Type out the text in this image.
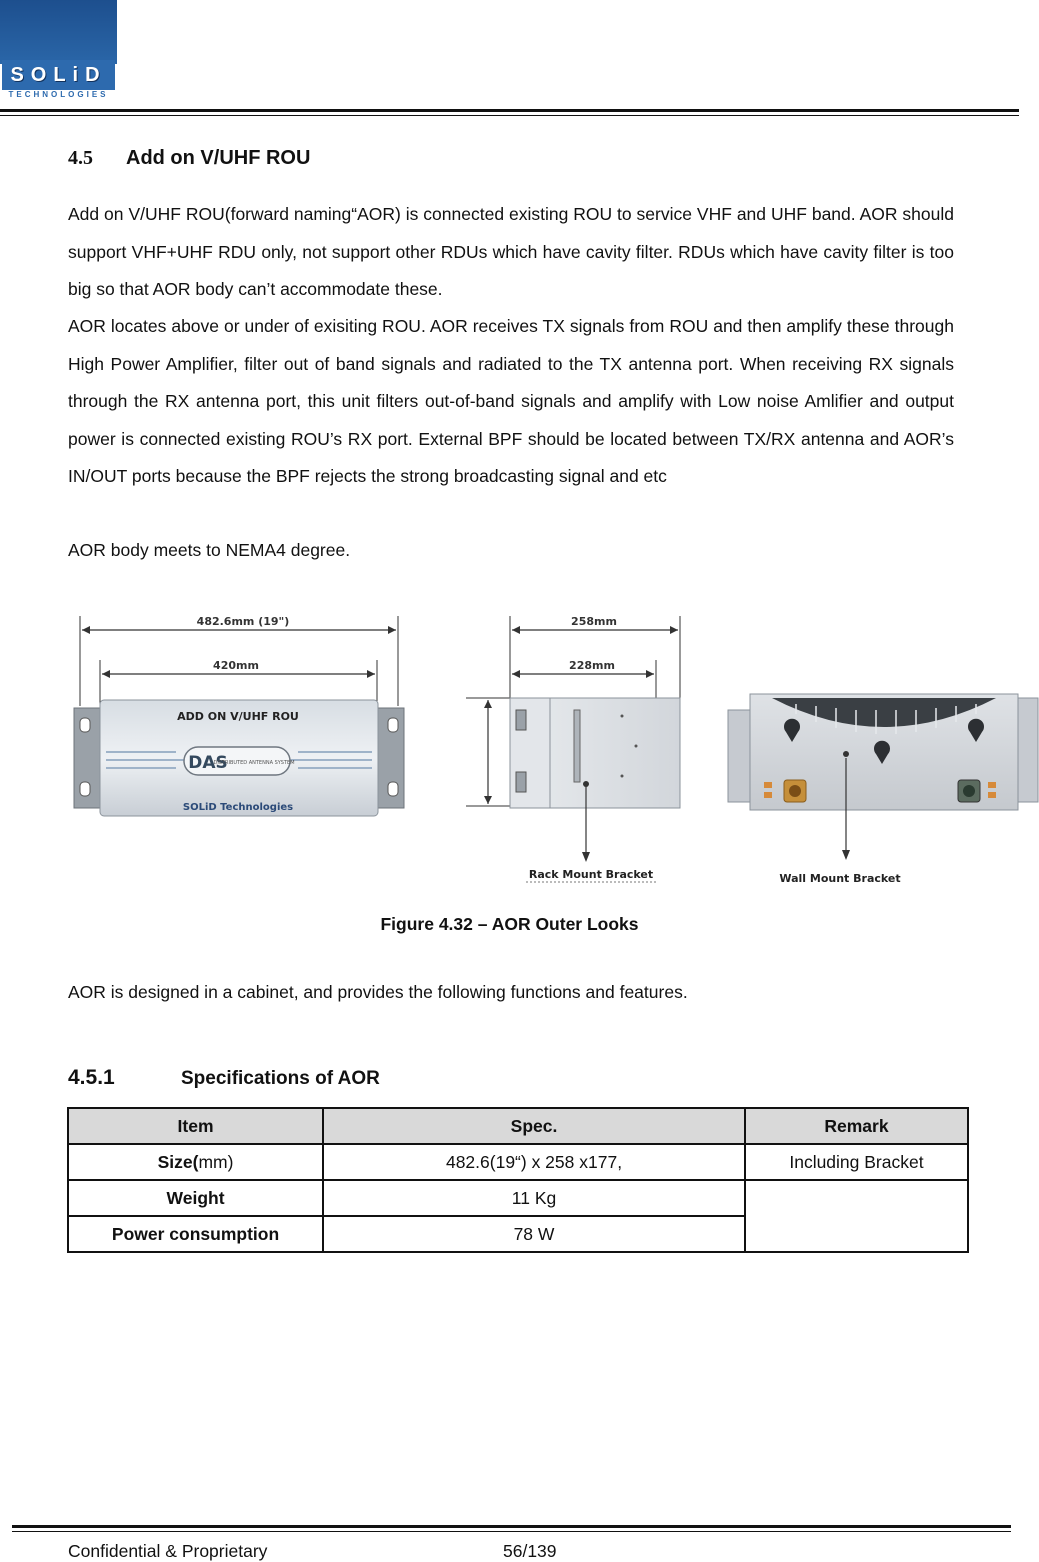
SOLiD
TECHNOLOGIES
4.5 Add on V/UHF ROU
Add on V/UHF ROU(forward naming“AOR) is connected existing ROU to service VHF and UHF band. AOR should support VHF+UHF RDU only, not support other RDUs which have cavity filter. RDUs which have cavity filter is too big so that AOR body can’t accommodate these.
AOR locates above or under of exisiting ROU. AOR receives TX signals from ROU and then amplify these through High Power Amplifier, filter out of band signals and radiated to the TX antenna port. When receiving RX signals through the RX antenna port, this unit filters out-of-band signals and amplify with Low noise Amlifier and output power is connected existing ROU’s RX port. External BPF should be located between TX/RX antenna and AOR’s IN/OUT ports because the BPF rejects the strong broadcasting signal and etc
AOR body meets to NEMA4 degree.
482.6mm (19")
420mm
ADD ON V/UHF ROU
DAS
DISTRIBUTED ANTENNA SYSTEM
SOLiD Technologies
258mm
228mm
Rack Mount Bracket	Wall Mount Bracket
Figure 4.32 – AOR Outer Looks
AOR is designed in a cabinet, and provides the following functions and features.
4.5.1	Specifications of AOR
Item	Spec.	Remark
Size(mm)	482.6(19“) x 258 x177,	Including Bracket
Weight	11 Kg	
Power consumption	78 W	
Confidential & Proprietary	56/139
